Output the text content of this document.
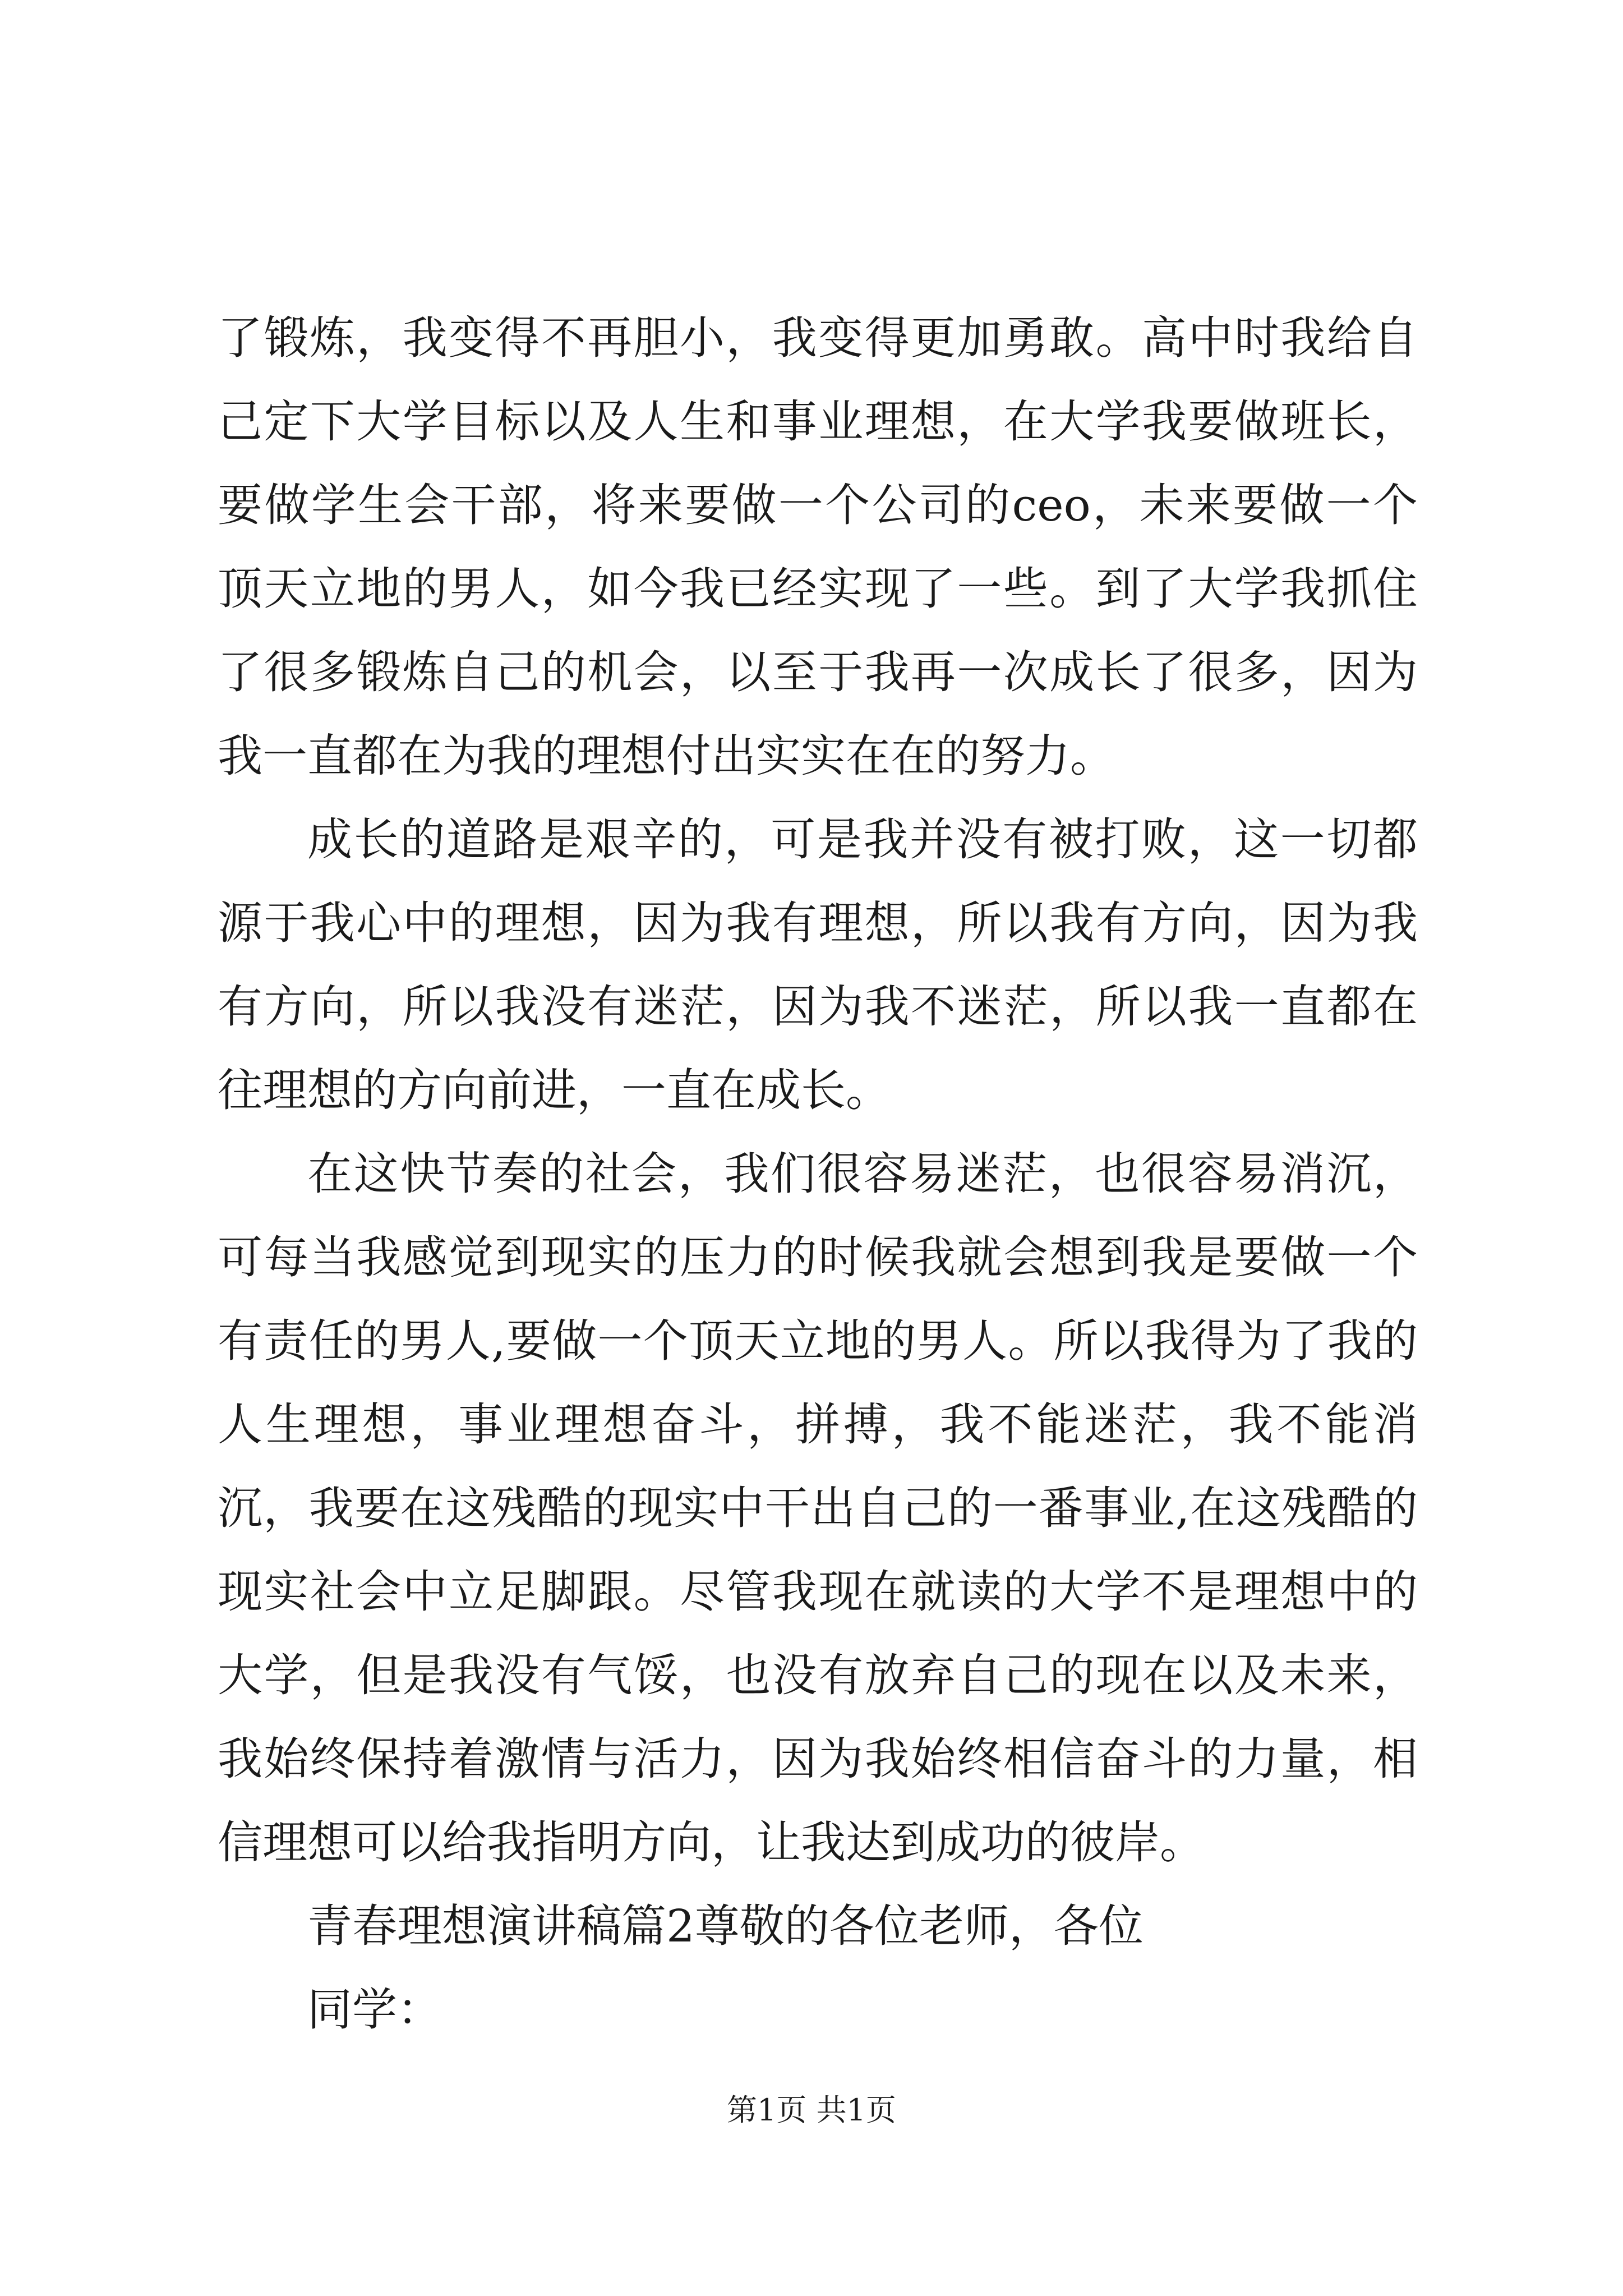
了锻炼，我变得不再胆小，我变得更加勇敢。高中时我给自己定下大学目标以及人生和事业理想，在大学我要做班长，要做学生会干部，将来要做一个公司的ceo，未来要做一个顶天立地的男人，如今我已经实现了一些。到了大学我抓住了很多锻炼自己的机会，以至于我再一次成长了很多，因为我一直都在为我的理想付出实实在在的努力。

成长的道路是艰辛的，可是我并没有被打败，这一切都源于我心中的理想，因为我有理想，所以我有方向，因为我有方向，所以我没有迷茫，因为我不迷茫，所以我一直都在往理想的方向前进，一直在成长。

在这快节奏的社会，我们很容易迷茫，也很容易消沉，可每当我感觉到现实的压力的时候我就会想到我是要做一个有责任的男人,要做一个顶天立地的男人。所以我得为了我的人生理想，事业理想奋斗，拼搏，我不能迷茫，我不能消沉，我要在这残酷的现实中干出自己的一番事业,在这残酷的现实社会中立足脚跟。尽管我现在就读的大学不是理想中的大学，但是我没有气馁，也没有放弃自己的现在以及未来，我始终保持着激情与活力，因为我始终相信奋斗的力量，相信理想可以给我指明方向，让我达到成功的彼岸。

青春理想演讲稿篇2尊敬的各位老师，各位

同学：

第1页 共1页
